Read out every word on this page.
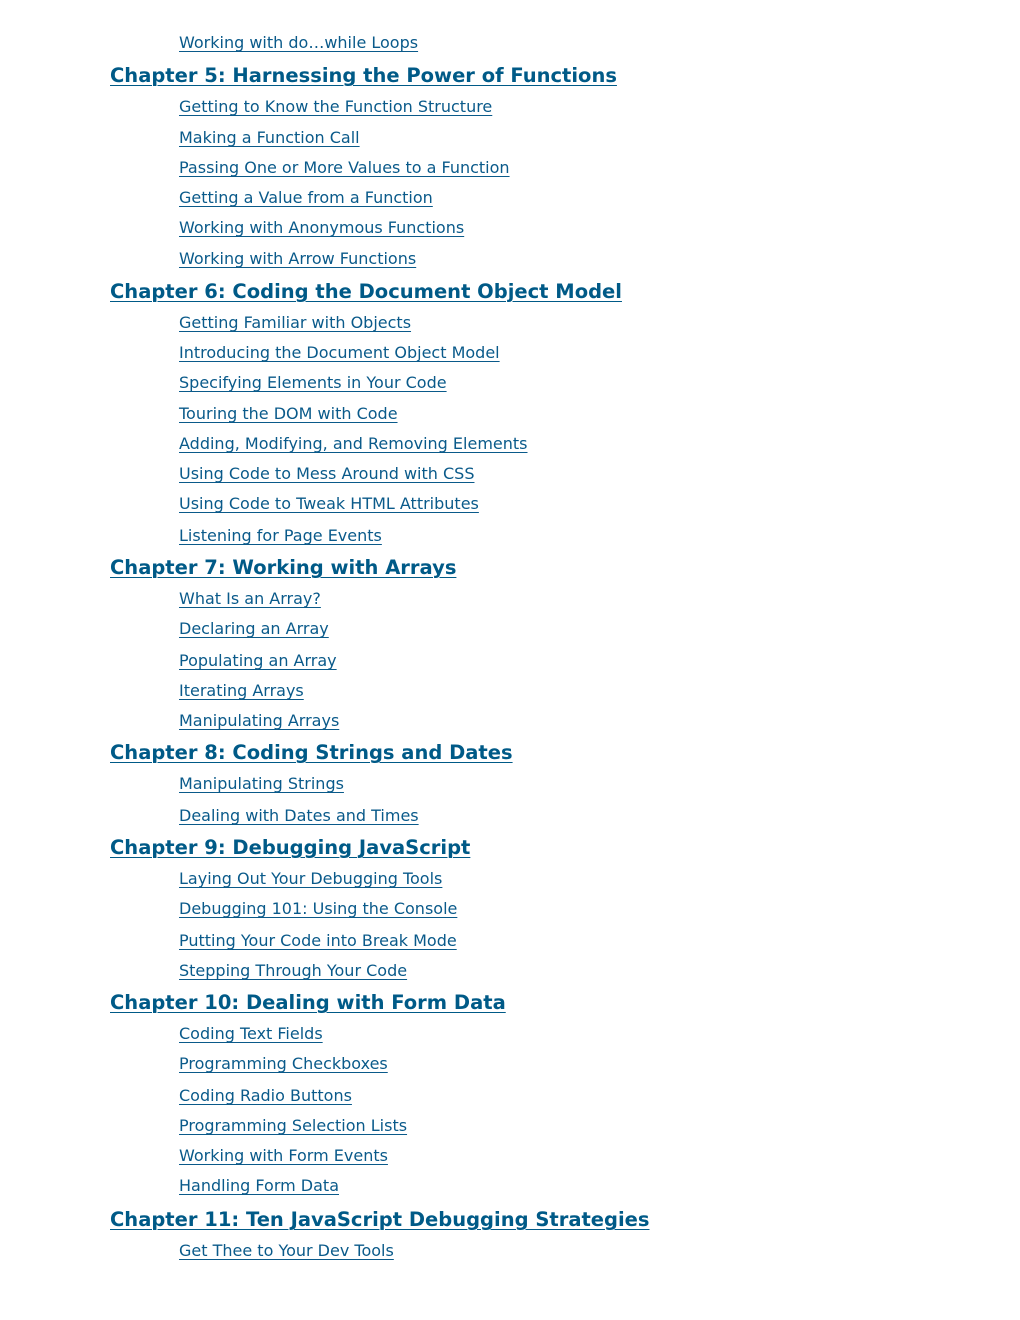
Working with do…while Loops
Chapter 5: Harnessing the Power of Functions
Getting to Know the Function Structure
Making a Function Call
Passing One or More Values to a Function
Getting a Value from a Function
Working with Anonymous Functions
Working with Arrow Functions
Chapter 6: Coding the Document Object Model
Getting Familiar with Objects
Introducing the Document Object Model
Specifying Elements in Your Code
Touring the DOM with Code
Adding, Modifying, and Removing Elements
Using Code to Mess Around with CSS
Using Code to Tweak HTML Attributes
Listening for Page Events
Chapter 7: Working with Arrays
What Is an Array?
Declaring an Array
Populating an Array
Iterating Arrays
Manipulating Arrays
Chapter 8: Coding Strings and Dates
Manipulating Strings
Dealing with Dates and Times
Chapter 9: Debugging JavaScript
Laying Out Your Debugging Tools
Debugging 101: Using the Console
Putting Your Code into Break Mode
Stepping Through Your Code
Chapter 10: Dealing with Form Data
Coding Text Fields
Programming Checkboxes
Coding Radio Buttons
Programming Selection Lists
Working with Form Events
Handling Form Data
Chapter 11: Ten JavaScript Debugging Strategies
Get Thee to Your Dev Tools
